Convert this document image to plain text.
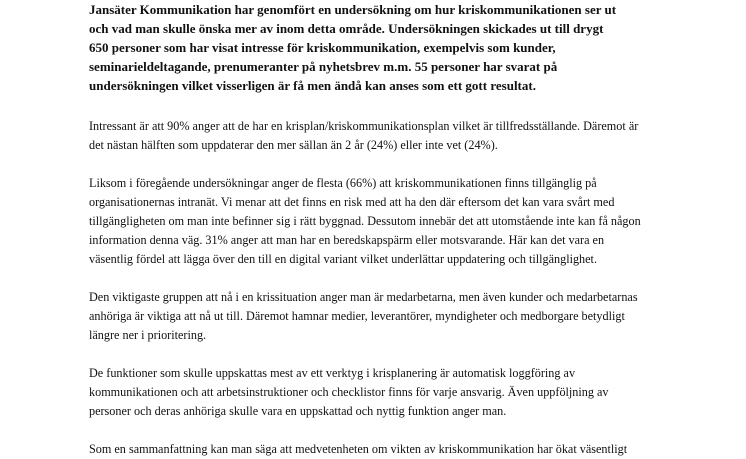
Jansäter Kommunikation har genomfört en undersökning om hur kriskommunikationen ser ut
och vad man skulle önska mer av inom detta område. Undersökningen skickades ut till drygt
650 personer som har visat intresse för kriskommunikation, exempelvis som kunder,
seminarieldeltagande, prenumeranter på nyhetsbrev m.m. 55 personer har svarat på
undersökningen vilket visserligen är få men ändå kan anses som ett gott resultat.
Intressant är att 90% anger att de har en krisplan/kriskommunikationsplan vilket är tillfredsställande. Däremot är
det nästan hälften som uppdaterar den mer sällan än 2 år (24%) eller inte vet (24%).
Liksom i föregående undersökningar anger de flesta (66%) att kriskommunikationen finns tillgänglig på
organisationernas intranät. Vi menar att det finns en risk med att ha den där eftersom det kan vara svårt med
tillgängligheten om man inte befinner sig i rätt byggnad. Dessutom innebär det att utomstående inte kan få någon
information denna väg. 31% anger att man har en beredskapspärm eller motsvarande. Här kan det vara en
väsentlig fördel att lägga över den till en digital variant vilket underlättar uppdatering och tillgänglighet.
Den viktigaste gruppen att nå i en krissituation anger man är medarbetarna, men även kunder och medarbetarnas
anhöriga är viktiga att nå ut till. Däremot hamnar medier, leverantörer, myndigheter och medborgare betydligt
längre ner i prioritering.
De funktioner som skulle uppskattas mest av ett verktyg i krisplanering är automatisk loggföring av
kommunikationen och att arbetsinstruktioner och checklistor finns för varje ansvarig. Även uppföljning av
personer och deras anhöriga skulle vara en uppskattad och nyttig funktion anger man.
Som en sammanfattning kan man säga att medvetenheten om vikten av kriskommunikation har ökat väsentligt
